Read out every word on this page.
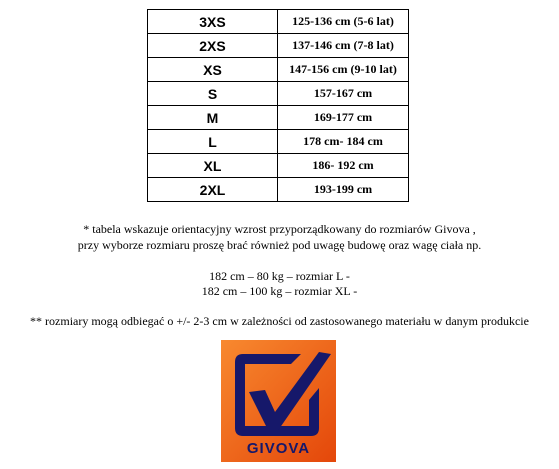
3XS	125-136 cm (5-6 lat)
2XS	137-146 cm (7-8 lat)
XS	147-156 cm (9-10 lat)
S	157-167 cm
M	169-177 cm
L	178 cm- 184 cm
XL	186- 192 cm
2XL	193-199 cm
* tabela wskazuje orientacyjny wzrost przyporządkowany do rozmiarów Givova ,
przy wyborze rozmiaru proszę brać również pod uwagę budowę oraz wagę ciała np.
182 cm – 80 kg – rozmiar L -
182 cm – 100 kg – rozmiar XL -
** rozmiary mogą odbiegać o +/- 2-3 cm w zależności od zastosowanego materiału w danym produkcie
GIVOVA
